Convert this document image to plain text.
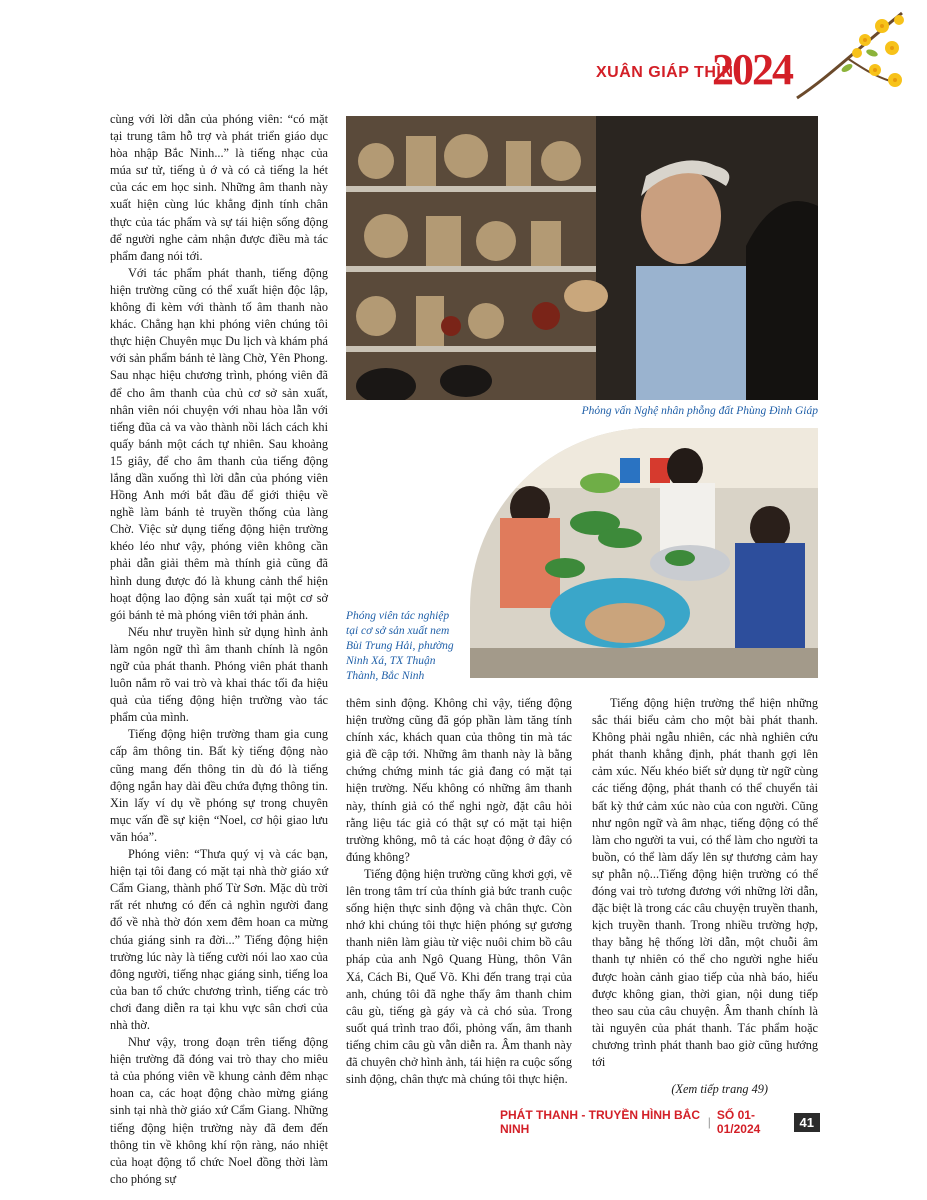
XUÂN GIÁP THÌN
2024

cùng với lời dẫn của phóng viên: “có mặt tại trung tâm hỗ trợ và phát triển giáo dục hòa nhập Bắc Ninh...” là tiếng nhạc của múa sư tử, tiếng ủ ớ và có cả tiếng la hét của các em học sinh. Những âm thanh này xuất hiện cùng lúc khẳng định tính chân thực của tác phẩm và sự tái hiện sống động để người nghe cảm nhận được điều mà tác phẩm đang nói tới.

Với tác phẩm phát thanh, tiếng động hiện trường cũng có thể xuất hiện độc lập, không đi kèm với thành tố âm thanh nào khác. Chẳng hạn khi phóng viên chúng tôi thực hiện Chuyên mục Du lịch và khám phá với sản phẩm bánh tẻ làng Chờ, Yên Phong. Sau nhạc hiệu chương trình, phóng viên đã để cho âm thanh của chủ cơ sở sản xuất, nhân viên nói chuyện với nhau hòa lẫn với tiếng đũa cả va vào thành nồi lách cách khi quấy bánh một cách tự nhiên. Sau khoảng 15 giây, để cho âm thanh của tiếng động lắng dần xuống thì lời dẫn của phóng viên Hồng Anh mới bắt đầu để giới thiệu về nghề làm bánh tẻ truyền thống của làng Chờ. Việc sử dụng tiếng động hiện trường khéo léo như vậy, phóng viên không cần phải dẫn giải thêm mà thính giả cũng đã hình dung được đó là khung cảnh thể hiện hoạt động lao động sản xuất tại một cơ sở gói bánh tẻ mà phóng viên tới phản ánh.

Nếu như truyền hình sử dụng hình ảnh làm ngôn ngữ thì âm thanh chính là ngôn ngữ của phát thanh. Phóng viên phát thanh luôn nắm rõ vai trò và khai thác tối đa hiệu quả của tiếng động hiện trường vào tác phẩm của mình.

Tiếng động hiện trường tham gia cung cấp âm thông tin. Bất kỳ tiếng động nào cũng mang đến thông tin dù đó là tiếng động ngắn hay dài đều chứa đựng thông tin. Xin lấy ví dụ về phóng sự trong chuyên mục vấn đề sự kiện “Noel, cơ hội giao lưu văn hóa”.

Phóng viên: “Thưa quý vị và các bạn, hiện tại tôi đang có mặt tại nhà thờ giáo xứ Cẩm Giang, thành phố Từ Sơn. Mặc dù trời rất rét nhưng có đến cả nghìn người đang đổ về nhà thờ đón xem đêm hoan ca mừng chúa giáng sinh ra đời...” Tiếng động hiện trường lúc này là tiếng cười nói lao xao của đông người, tiếng nhạc giáng sinh, tiếng loa của ban tổ chức chương trình, tiếng các trò chơi đang diễn ra tại khu vực sân chơi của nhà thờ.

Như vậy, trong đoạn trên tiếng động hiện trường đã đóng vai trò thay cho miêu tả của phóng viên về khung cảnh đêm nhạc hoan ca, các hoạt động chào mừng giáng sinh tại nhà thờ giáo xứ Cẩm Giang. Những tiếng động hiện trường này đã đem đến thông tin về không khí rộn ràng, náo nhiệt của hoạt động tổ chức Noel đồng thời làm cho phóng sự

Phỏng vấn Nghệ nhân phỗng đất Phùng Đình Giáp
Phóng viên tác nghiệp tại cơ sở sản xuất nem Bùi Trung Hải, phường Ninh Xá, TX Thuận Thành, Bắc Ninh

thêm sinh động. Không chỉ vậy, tiếng động hiện trường cũng đã góp phần làm tăng tính chính xác, khách quan của thông tin mà tác giả đề cập tới. Những âm thanh này là bằng chứng chứng minh tác giả đang có mặt tại hiện trường. Nếu không có những âm thanh này, thính giả có thể nghi ngờ, đặt câu hỏi rằng liệu tác giả có thật sự có mặt tại hiện trường không, mô tả các hoạt động ở đây có đúng không?

Tiếng động hiện trường cũng khơi gợi, vẽ lên trong tâm trí của thính giả bức tranh cuộc sống hiện thực sinh động và chân thực. Còn nhớ khi chúng tôi thực hiện phóng sự gương thanh niên làm giàu từ việc nuôi chim bồ câu pháp của anh Ngô Quang Hùng, thôn Vân Xá, Cách Bi, Quế Võ. Khi đến trang trại của anh, chúng tôi đã nghe thấy âm thanh chim câu gù, tiếng gà gáy và cả chó sủa. Trong suốt quá trình trao đổi, phỏng vấn, âm thanh tiếng chim câu gù vẫn diễn ra. Âm thanh này đã chuyên chở hình ảnh, tái hiện ra cuộc sống sinh động, chân thực mà chúng tôi thực hiện.

Tiếng động hiện trường thể hiện những sắc thái biểu cảm cho một bài phát thanh. Không phải ngẫu nhiên, các nhà nghiên cứu phát thanh khẳng định, phát thanh gợi lên cảm xúc. Nếu khéo biết sử dụng từ ngữ cùng các tiếng động, phát thanh có thể chuyển tải bất kỳ thứ cảm xúc nào của con người. Cũng như ngôn ngữ và âm nhạc, tiếng động có thể làm cho người ta vui, có thể làm cho người ta buồn, có thể làm dấy lên sự thương cảm hay sự phẫn nộ...Tiếng động hiện trường có thể đóng vai trò tương đương với những lời dẫn, đặc biệt là trong các câu chuyện truyền thanh, kịch truyền thanh. Trong nhiều trường hợp, thay bằng hệ thống lời dẫn, một chuỗi âm thanh tự nhiên có thể cho người nghe hiểu được hoàn cảnh giao tiếp của nhà báo, hiểu được không gian, thời gian, nội dung tiếp theo sau của câu chuyện. Âm thanh chính là tài nguyên của phát thanh. Tác phẩm hoặc chương trình phát thanh bao giờ cũng hướng tới

(Xem tiếp trang 49)

PHÁT THANH - TRUYỀN HÌNH BẮC NINH	| SỐ 01-01/2024	41
